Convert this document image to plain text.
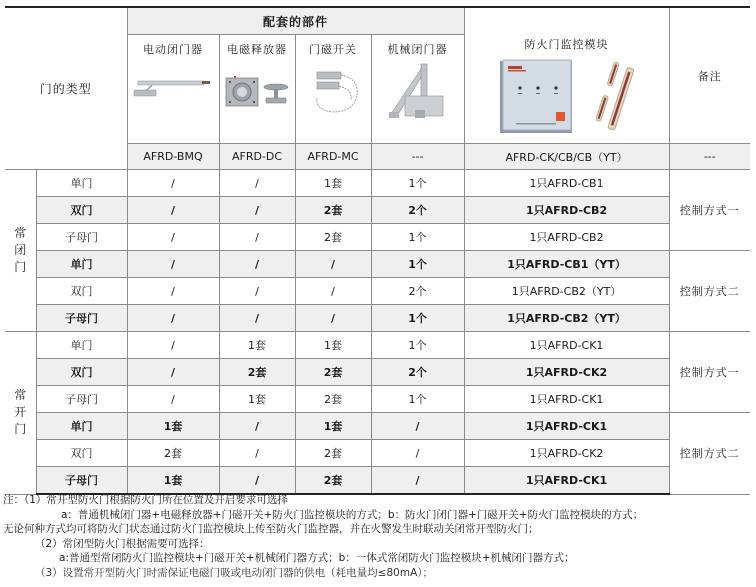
门的类型		配套的部件				防火门监控模块	备注

		电动闭门器	电磁释放器	门磁开关	机械闭门器		

		AFRD-BMQ	AFRD-DC	AFRD-MC	---	AFRD-CK/CB/CB（YT）	---

常
闭
门	单门	/	/	1套	1个	1只AFRD-CB1	控制方式一
	双门	/	/	2套	2个	1只AFRD-CB2	
	子母门	/	/	2套	1个	1只AFRD-CB2	
	单门	/	/	/	1个	1只AFRD-CB1（YT）	控制方式二
	双门	/	/	/	2个	1只AFRD-CB2（YT）	
	子母门	/	/	/	1个	1只AFRD-CB2（YT）	

常
开
门	单门	/	1套	1套	1个	1只AFRD-CK1	控制方式一
	双门	/	2套	2套	2个	1只AFRD-CK2	
	子母门	/	1套	2套	1个	1只AFRD-CK1	
	单门	1套	/	1套	/	1只AFRD-CK1	控制方式二
	双门	2套	/	2套	/	1只AFRD-CK2	
	子母门	1套	/	2套	/	1只AFRD-CK1	
注：（1）常开型防火门根据防火门所在位置及开启要求可选择
a：普通机械闭门器+电磁释放器+门磁开关+防火门监控模块的方式；b：防火门闭门器+门磁开关+防火门监控模块的方式；
无论何种方式均可将防火门状态通过防火门监控模块上传至防火门监控器，并在火警发生时联动关闭常开型防火门；
（2）常闭型防火门根据需要可选择：
a:普通型常闭防火门监控模块+门磁开关+机械闭门器方式；b：一体式常闭防火门监控模块+机械闭门器方式；
（3）设置常开型防火门时需保证电磁门吸或电动闭门器的供电（耗电量均≤80mA）；
